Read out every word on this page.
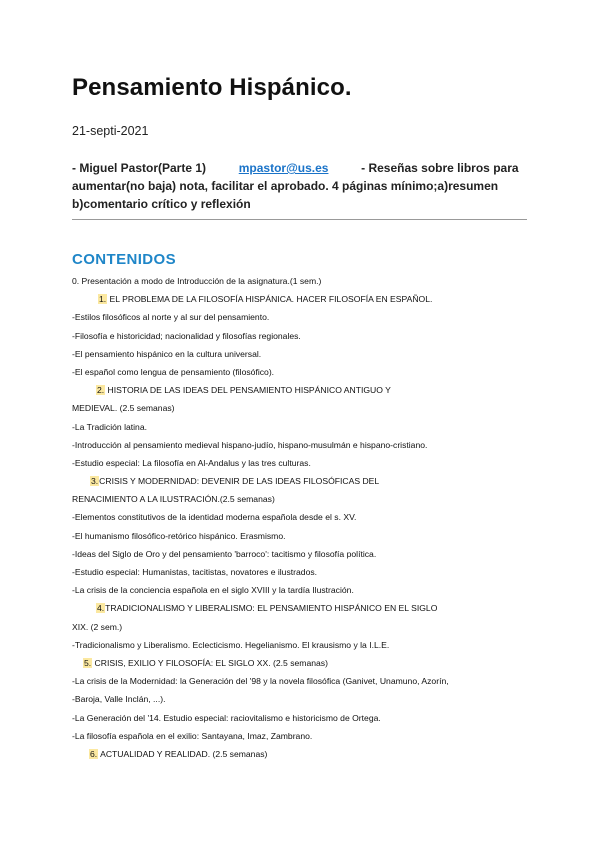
Pensamiento Hispánico.
21-septi-2021
- Miguel Pastor(Parte 1)	mpastor@us.es	- Reseñas sobre libros para
aumentar(no baja) nota, facilitar el aprobado. 4 páginas mínimo;a)resumen
b)comentario crítico y reflexión
CONTENIDOS
0. Presentación a modo de Introducción de la asignatura.(1 sem.)
1. EL PROBLEMA DE LA FILOSOFÍA HISPÁNICA. HACER FILOSOFÍA EN ESPAÑOL.
-Estilos filosóficos al norte y al sur del pensamiento.
-Filosofía e historicidad; nacionalidad y filosofías regionales.
-El pensamiento hispánico en la cultura universal.
-El español como lengua de pensamiento (filosófico).
2. HISTORIA DE LAS IDEAS DEL PENSAMIENTO HISPÁNICO ANTIGUO Y
MEDIEVAL. (2.5 semanas)
-La Tradición latina.
-Introducción al pensamiento medieval hispano-judío, hispano-musulmán e hispano-cristiano.
-Estudio especial: La filosofía en Al-Andalus y las tres culturas.
3.CRISIS Y MODERNIDAD: DEVENIR DE LAS IDEAS FILOSÓFICAS DEL
RENACIMIENTO A LA ILUSTRACIÓN.(2.5 semanas)
-Elementos constitutivos de la identidad moderna española desde el s. XV.
-El humanismo filosófico-retórico hispánico. Erasmismo.
-Ideas del Siglo de Oro y del pensamiento 'barroco': tacitismo y filosofía política.
-Estudio especial: Humanistas, tacitistas, novatores e ilustrados.
-La crisis de la conciencia española en el siglo XVIII y la tardía Ilustración.
4.TRADICIONALISMO Y LIBERALISMO: EL PENSAMIENTO HISPÁNICO EN EL SIGLO
XIX. (2 sem.)
-Tradicionalismo y Liberalismo. Eclecticismo. Hegelianismo. El krausismo y la I.L.E.
5. CRISIS, EXILIO Y FILOSOFÍA: EL SIGLO XX. (2.5 semanas)
-La crisis de la Modernidad: la Generación del '98 y la novela filosófica (Ganivet, Unamuno, Azorín,
-Baroja, Valle Inclán, ...).
-La Generación del '14. Estudio especial: raciovitalismo e historicismo de Ortega.
-La filosofía española en el exilio: Santayana, Imaz, Zambrano.
6. ACTUALIDAD Y REALIDAD. (2.5 semanas)
